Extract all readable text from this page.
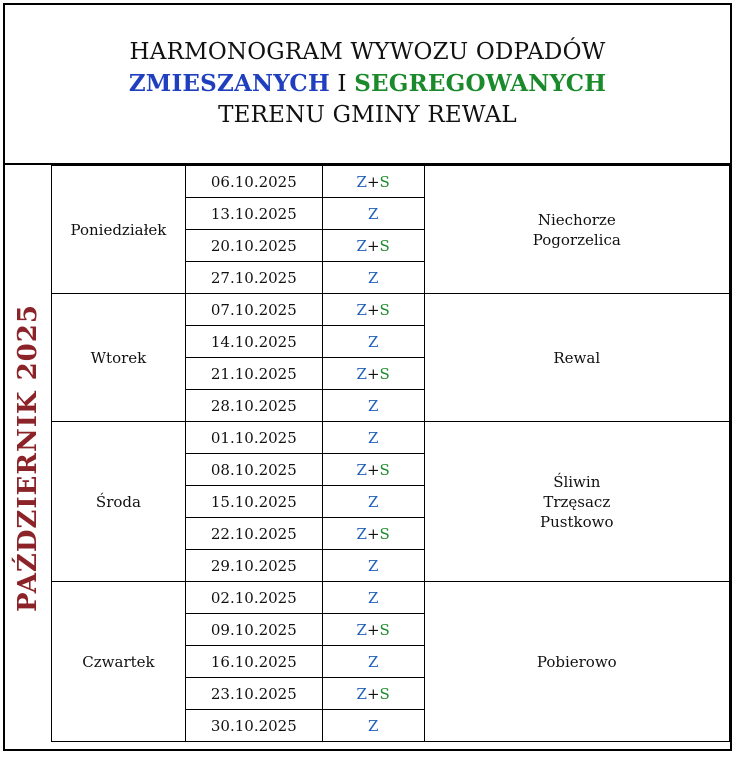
HARMONOGRAM WYWOZU ODPADÓW
ZMIESZANYCH I SEGREGOWANYCH
TERENU GMINY REWAL
PAŹDZIERNIK 2025
Poniedziałek	06.10.2025	Z+S	Niechorze
Pogorzelica

	13.10.2025	Z	
	20.10.2025	Z+S	
	27.10.2025	Z	
Wtorek	07.10.2025	Z+S	Rewal

	14.10.2025	Z	
	21.10.2025	Z+S	
	28.10.2025	Z	
Środa	01.10.2025	Z	Śliwin
Trzęsacz
Pustkowo

	08.10.2025	Z+S	
	15.10.2025	Z	
	22.10.2025	Z+S	
	29.10.2025	Z	
Czwartek	02.10.2025	Z	Pobierowo

	09.10.2025	Z+S	
	16.10.2025	Z	
	23.10.2025	Z+S	
	30.10.2025	Z	
